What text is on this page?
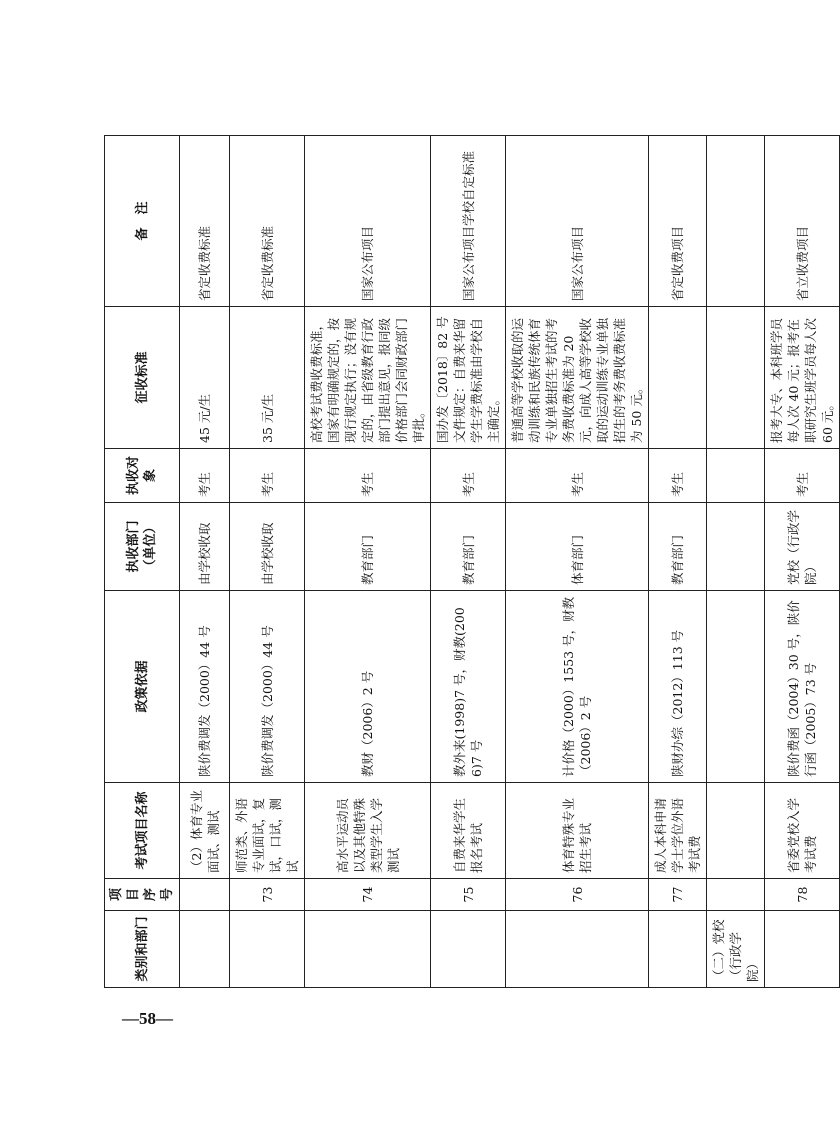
—58—
类别和部门	项目序号	考试项目名称	政策依据	执收部门（单位）	执收对象	征收标准	备　注
		（2）体育专业面试、测试	陕价费调发（2000）44 号	由学校收取	考生	45 元/生	省定收费标准
	73	师范类、外语专业面试，复试，口试，测试	陕价费调发（2000）44 号	由学校收取	考生	35 元/生	省定收费标准
	74	高水平运动员以及其他特殊类型学生入学测试	教财（2006）2 号	教育部门	考生	高校考试费收费标准，国家有明确规定的，按现行规定执行；没有规定的，由省级教育行政部门提出意见，报同级价格部门会同财政部门审批。	国家公布项目
	75	自费来华学生报名考试	教外来(1998)7 号，财教(2006)7 号	教育部门	考生	国办发〔2018〕82 号文件规定：自费来华留学生学费标准由学校自主确定。	国家公布项目学校自定标准
	76	体育特殊专业招生考试	计价格（2000）1553 号，财教（2006）2 号	体育部门	考生	普通高等学校收取的运动训练和民族传统体育专业单独招生考试的考务费收费标准为 20 元，向成人高等学校收取的运动训练专业单独招生的考务费收费标准为 50 元。	国家公布项目
	77	成人本科申请学士学位外语考试费	陕财办综（2012）113 号	教育部门	考生		省定收费项目
（二）党校（行政学院）							
	78	省委党校入学考试费	陕价费函（2004）30 号，陕价行函（2005）73 号	党校（行政学院）	考生	报考大专、本科班学员每人次 40 元；报考在职研究生班学员每人次 60 元。	省立收费项目
